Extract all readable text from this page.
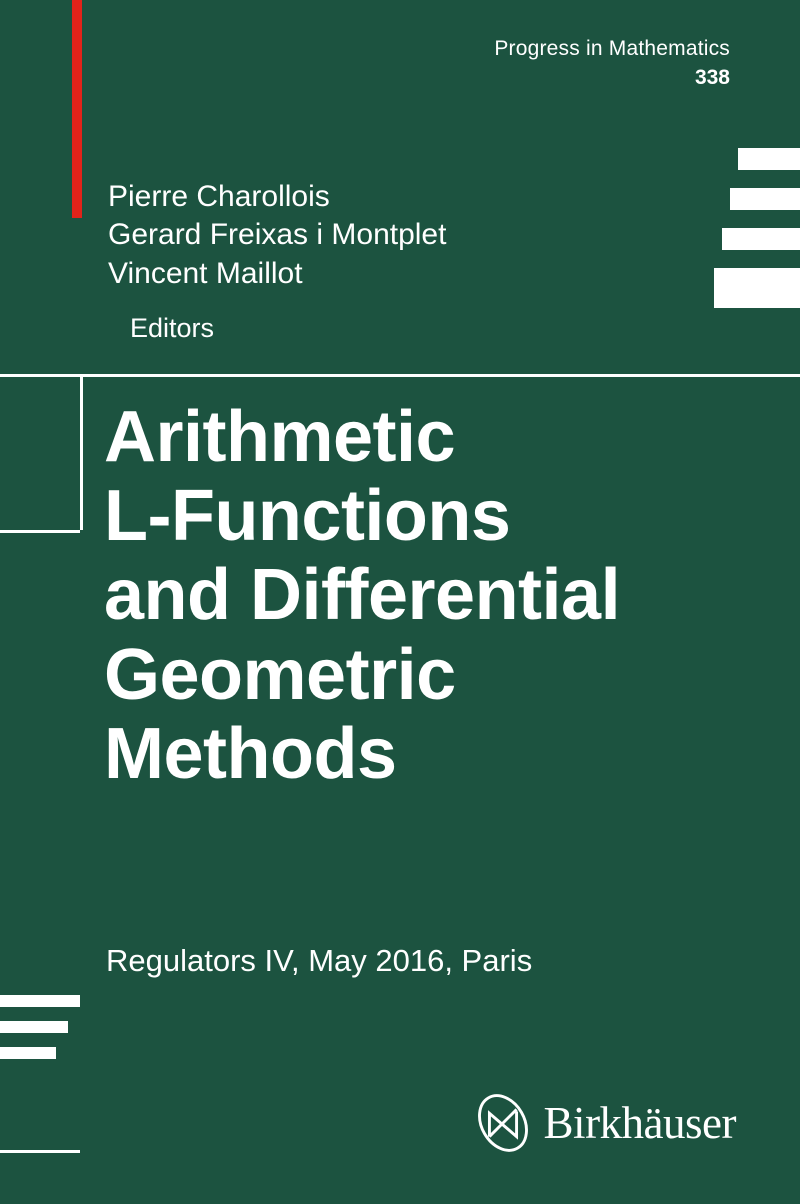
Progress in Mathematics
338
Pierre Charollois
Gerard Freixas i Montplet
Vincent Maillot
Editors
Arithmetic
L-Functions
and Differential
Geometric
Methods
Regulators IV, May 2016, Paris
Birkhäuser
